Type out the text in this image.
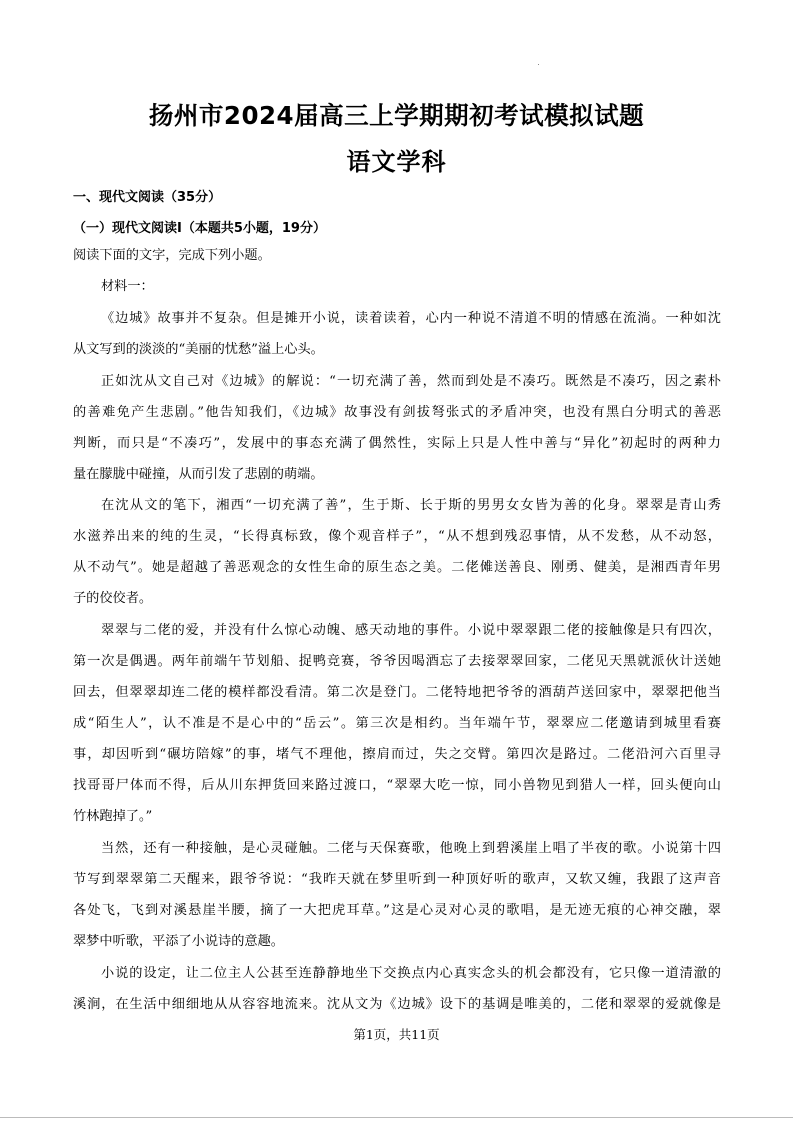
扬州市2024届高三上学期期初考试模拟试题
语文学科

一、现代文阅读（35分）

（一）现代文阅读Ⅰ（本题共5小题，19分）

阅读下面的文字，完成下列小题。

材料一：

《边城》故事并不复杂。但是摊开小说，读着读着，心内一种说不清道不明的情感在流淌。一种如沈

从文写到的淡淡的“美丽的忧愁”溢上心头。

正如沈从文自己对《边城》的解说：“一切充满了善，然而到处是不凑巧。既然是不凑巧，因之素朴

的善难免产生悲剧。”他告知我们，《边城》故事没有剑拔弩张式的矛盾冲突，也没有黑白分明式的善恶

判断，而只是“不凑巧”，发展中的事态充满了偶然性，实际上只是人性中善与“异化”初起时的两种力

量在朦胧中碰撞，从而引发了悲剧的萌端。

在沈从文的笔下，湘西“一切充满了善”，生于斯、长于斯的男男女女皆为善的化身。翠翠是青山秀

水滋养出来的纯的生灵，“长得真标致，像个观音样子”，“从不想到残忍事情，从不发愁，从不动怒，

从不动气”。她是超越了善恶观念的女性生命的原生态之美。二佬傩送善良、刚勇、健美，是湘西青年男

子的佼佼者。

翠翠与二佬的爱，并没有什么惊心动魄、感天动地的事件。小说中翠翠跟二佬的接触像是只有四次，

第一次是偶遇。两年前端午节划船、捉鸭竞赛，爷爷因喝酒忘了去接翠翠回家，二佬见天黑就派伙计送她

回去，但翠翠却连二佬的模样都没看清。第二次是登门。二佬特地把爷爷的酒葫芦送回家中，翠翠把他当

成“陌生人”，认不准是不是心中的“岳云”。第三次是相约。当年端午节，翠翠应二佬邀请到城里看赛

事，却因听到“碾坊陪嫁”的事，堵气不理他，擦肩而过，失之交臂。第四次是路过。二佬沿河六百里寻

找哥哥尸体而不得，后从川东押货回来路过渡口，“翠翠大吃一惊，同小兽物见到猎人一样，回头便向山

竹林跑掉了。”

当然，还有一种接触，是心灵碰触。二佬与天保赛歌，他晚上到碧溪崖上唱了半夜的歌。小说第十四

节写到翠翠第二天醒来，跟爷爷说：“我昨天就在梦里听到一种顶好听的歌声，又软又缠，我跟了这声音

各处飞，飞到对溪悬崖半腰，摘了一大把虎耳草。”这是心灵对心灵的歌唱，是无迹无痕的心神交融，翠

翠梦中听歌，平添了小说诗的意趣。

小说的设定，让二位主人公甚至连静静地坐下交换点内心真实念头的机会都没有，它只像一道清澈的

溪涧，在生活中细细地从从容容地流来。沈从文为《边城》设下的基调是唯美的，二佬和翠翠的爱就像是

第1页，共11页
